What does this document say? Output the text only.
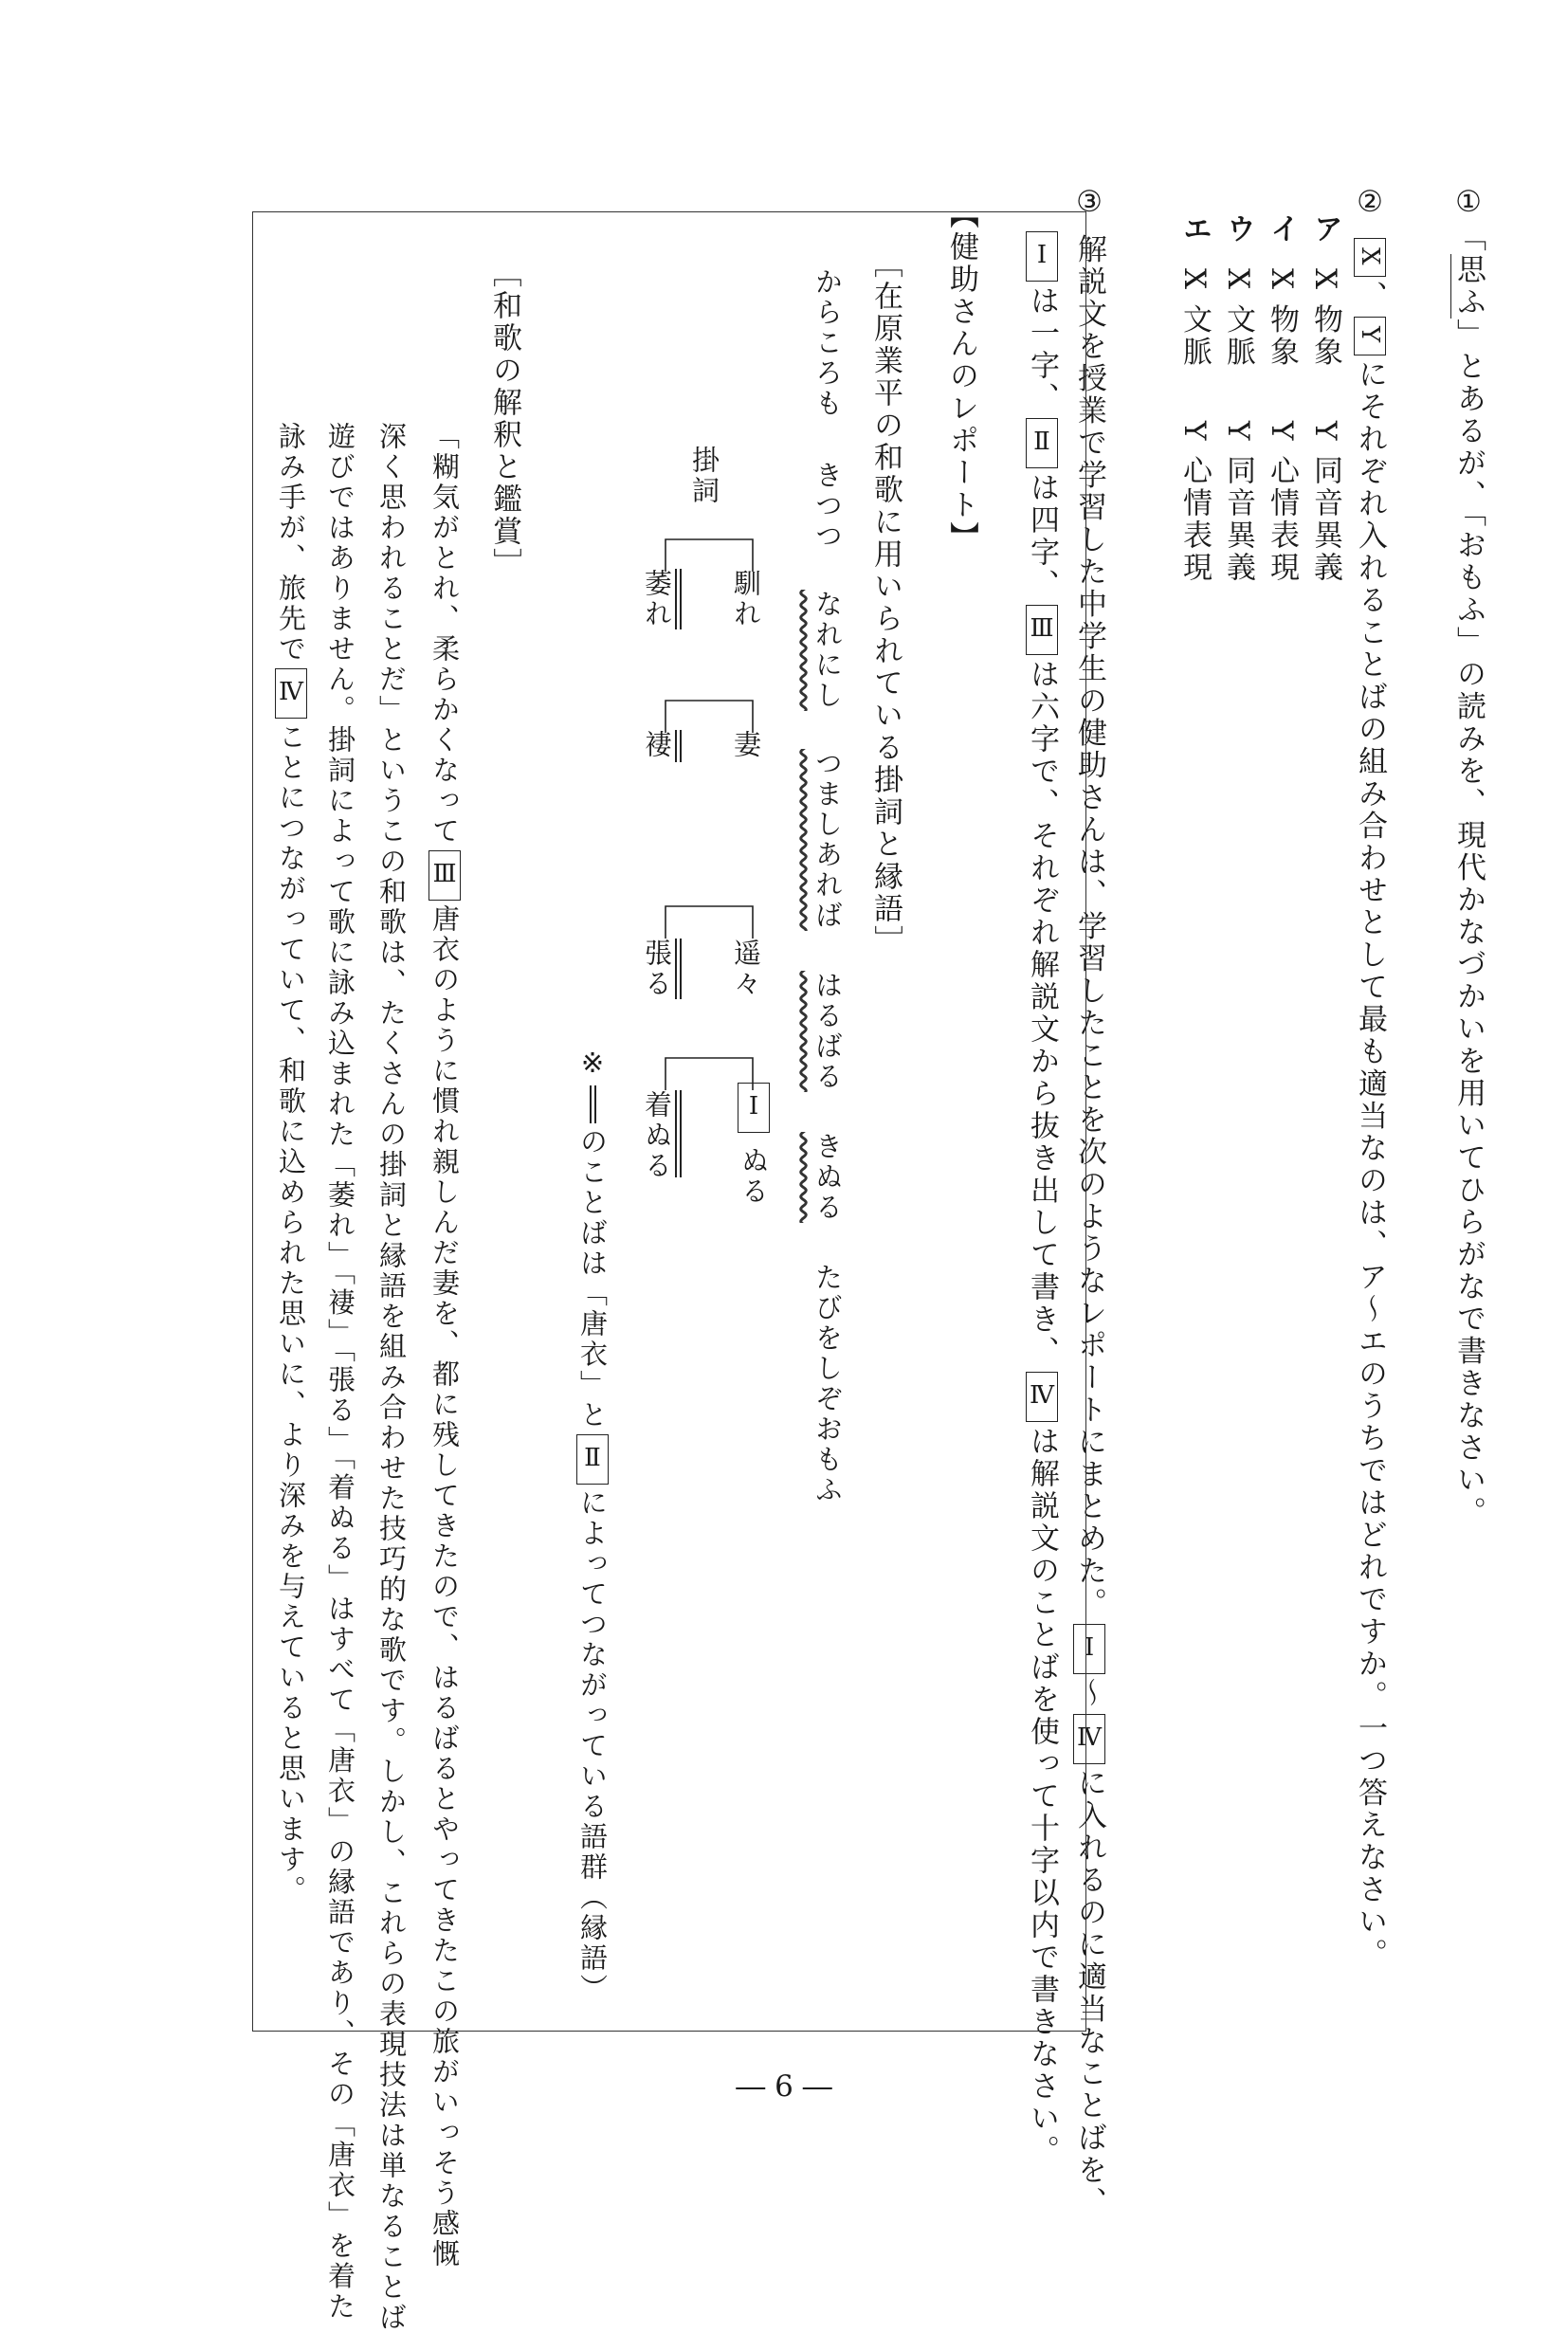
①「思ふ」とあるが、「おもふ」の読みを、現代かなづかいを用いてひらがなで書きなさい。
② X、Yにそれぞれ入れることばの組み合わせとして最も適当なのは、ア〜エのうちではどれですか。一つ答えなさい。
アX 物象Y 同音異義
イX 物象Y 心情表現
ウX 文脈Y 同音異義
エX 文脈Y 心情表現
③ 解説文を授業で学習した中学生の健助さんは、学習したことを次のようなレポートにまとめた。Ⅰ〜Ⅳに入れるのに適当なことばを、
Ⅰは一字、Ⅱは四字、Ⅲは六字で、それぞれ解説文から抜き出して書き、Ⅳは解説文のことばを使って十字以内で書きなさい。
【健助さんのレポート】
［在原業平の和歌に用いられている掛詞と縁語］
からころもきつつなれにしつましあればはるばるきぬるたびをしぞおもふ
掛詞
馴れ
萎れ
妻
褄
遥々
張る
Ⅰぬる
着ぬる
※のことばは「唐衣」とⅡによってつながっている語群（縁語）
［和歌の解釈と鑑賞］
「糊気がとれ、柔らかくなってⅢ唐衣のように慣れ親しんだ妻を、都に残してきたので、はるばるとやってきたこの旅がいっそう感慨
深く思われることだ」というこの和歌は、たくさんの掛詞と縁語を組み合わせた技巧的な歌です。しかし、これらの表現技法は単なることば
遊びではありません。掛詞によって歌に詠み込まれた「萎れ」「褄」「張る」「着ぬる」はすべて「唐衣」の縁語であり、その「唐衣」を着た
詠み手が、旅先でⅣことにつながっていて、和歌に込められた思いに、より深みを与えていると思います。
― 6 ―
